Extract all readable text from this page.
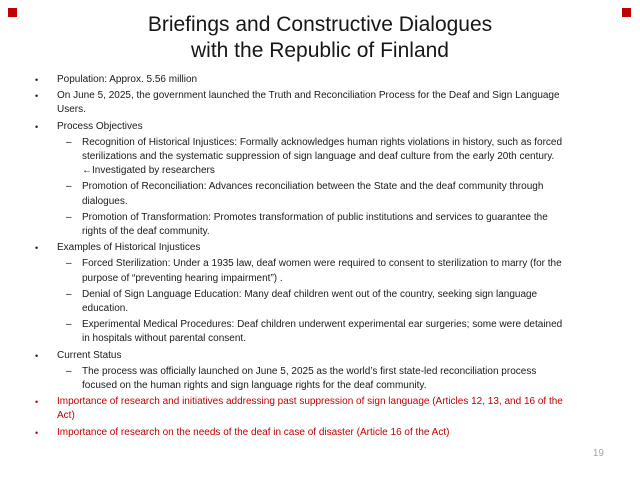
Briefings and Constructive Dialogues
with the Republic of Finland
•	Population: Approx. 5.56 million
•	On June 5, 2025, the government launched the Truth and Reconciliation Process for the Deaf and Sign Language Users.
•	Process Objectives
–	Recognition of Historical Injustices: Formally acknowledges human rights violations in history, such as forced sterilizations and the systematic suppression of sign language and deaf culture from the early 20th century. ←Investigated by researchers
–	Promotion of Reconciliation: Advances reconciliation between the State and the deaf community through dialogues.
–	Promotion of Transformation: Promotes transformation of public institutions and services to guarantee the rights of the deaf community.
•	Examples of Historical Injustices
–	Forced Sterilization: Under a 1935 law, deaf women were required to consent to sterilization to marry (for the purpose of “preventing hearing impairment”) .
–	Denial of Sign Language Education: Many deaf children went out of the country, seeking sign language education.
–	Experimental Medical Procedures: Deaf children underwent experimental ear surgeries; some were detained in hospitals without parental consent.
•	Current Status
–	The process was officially launched on June 5, 2025 as the world’s first state-led reconciliation process focused on the human rights and sign language rights for the deaf community.
•	Importance of research and initiatives addressing past suppression of sign language (Articles 12, 13, and 16 of the Act)
•	Importance of research on the needs of the deaf in case of disaster (Article 16 of the Act)
19
